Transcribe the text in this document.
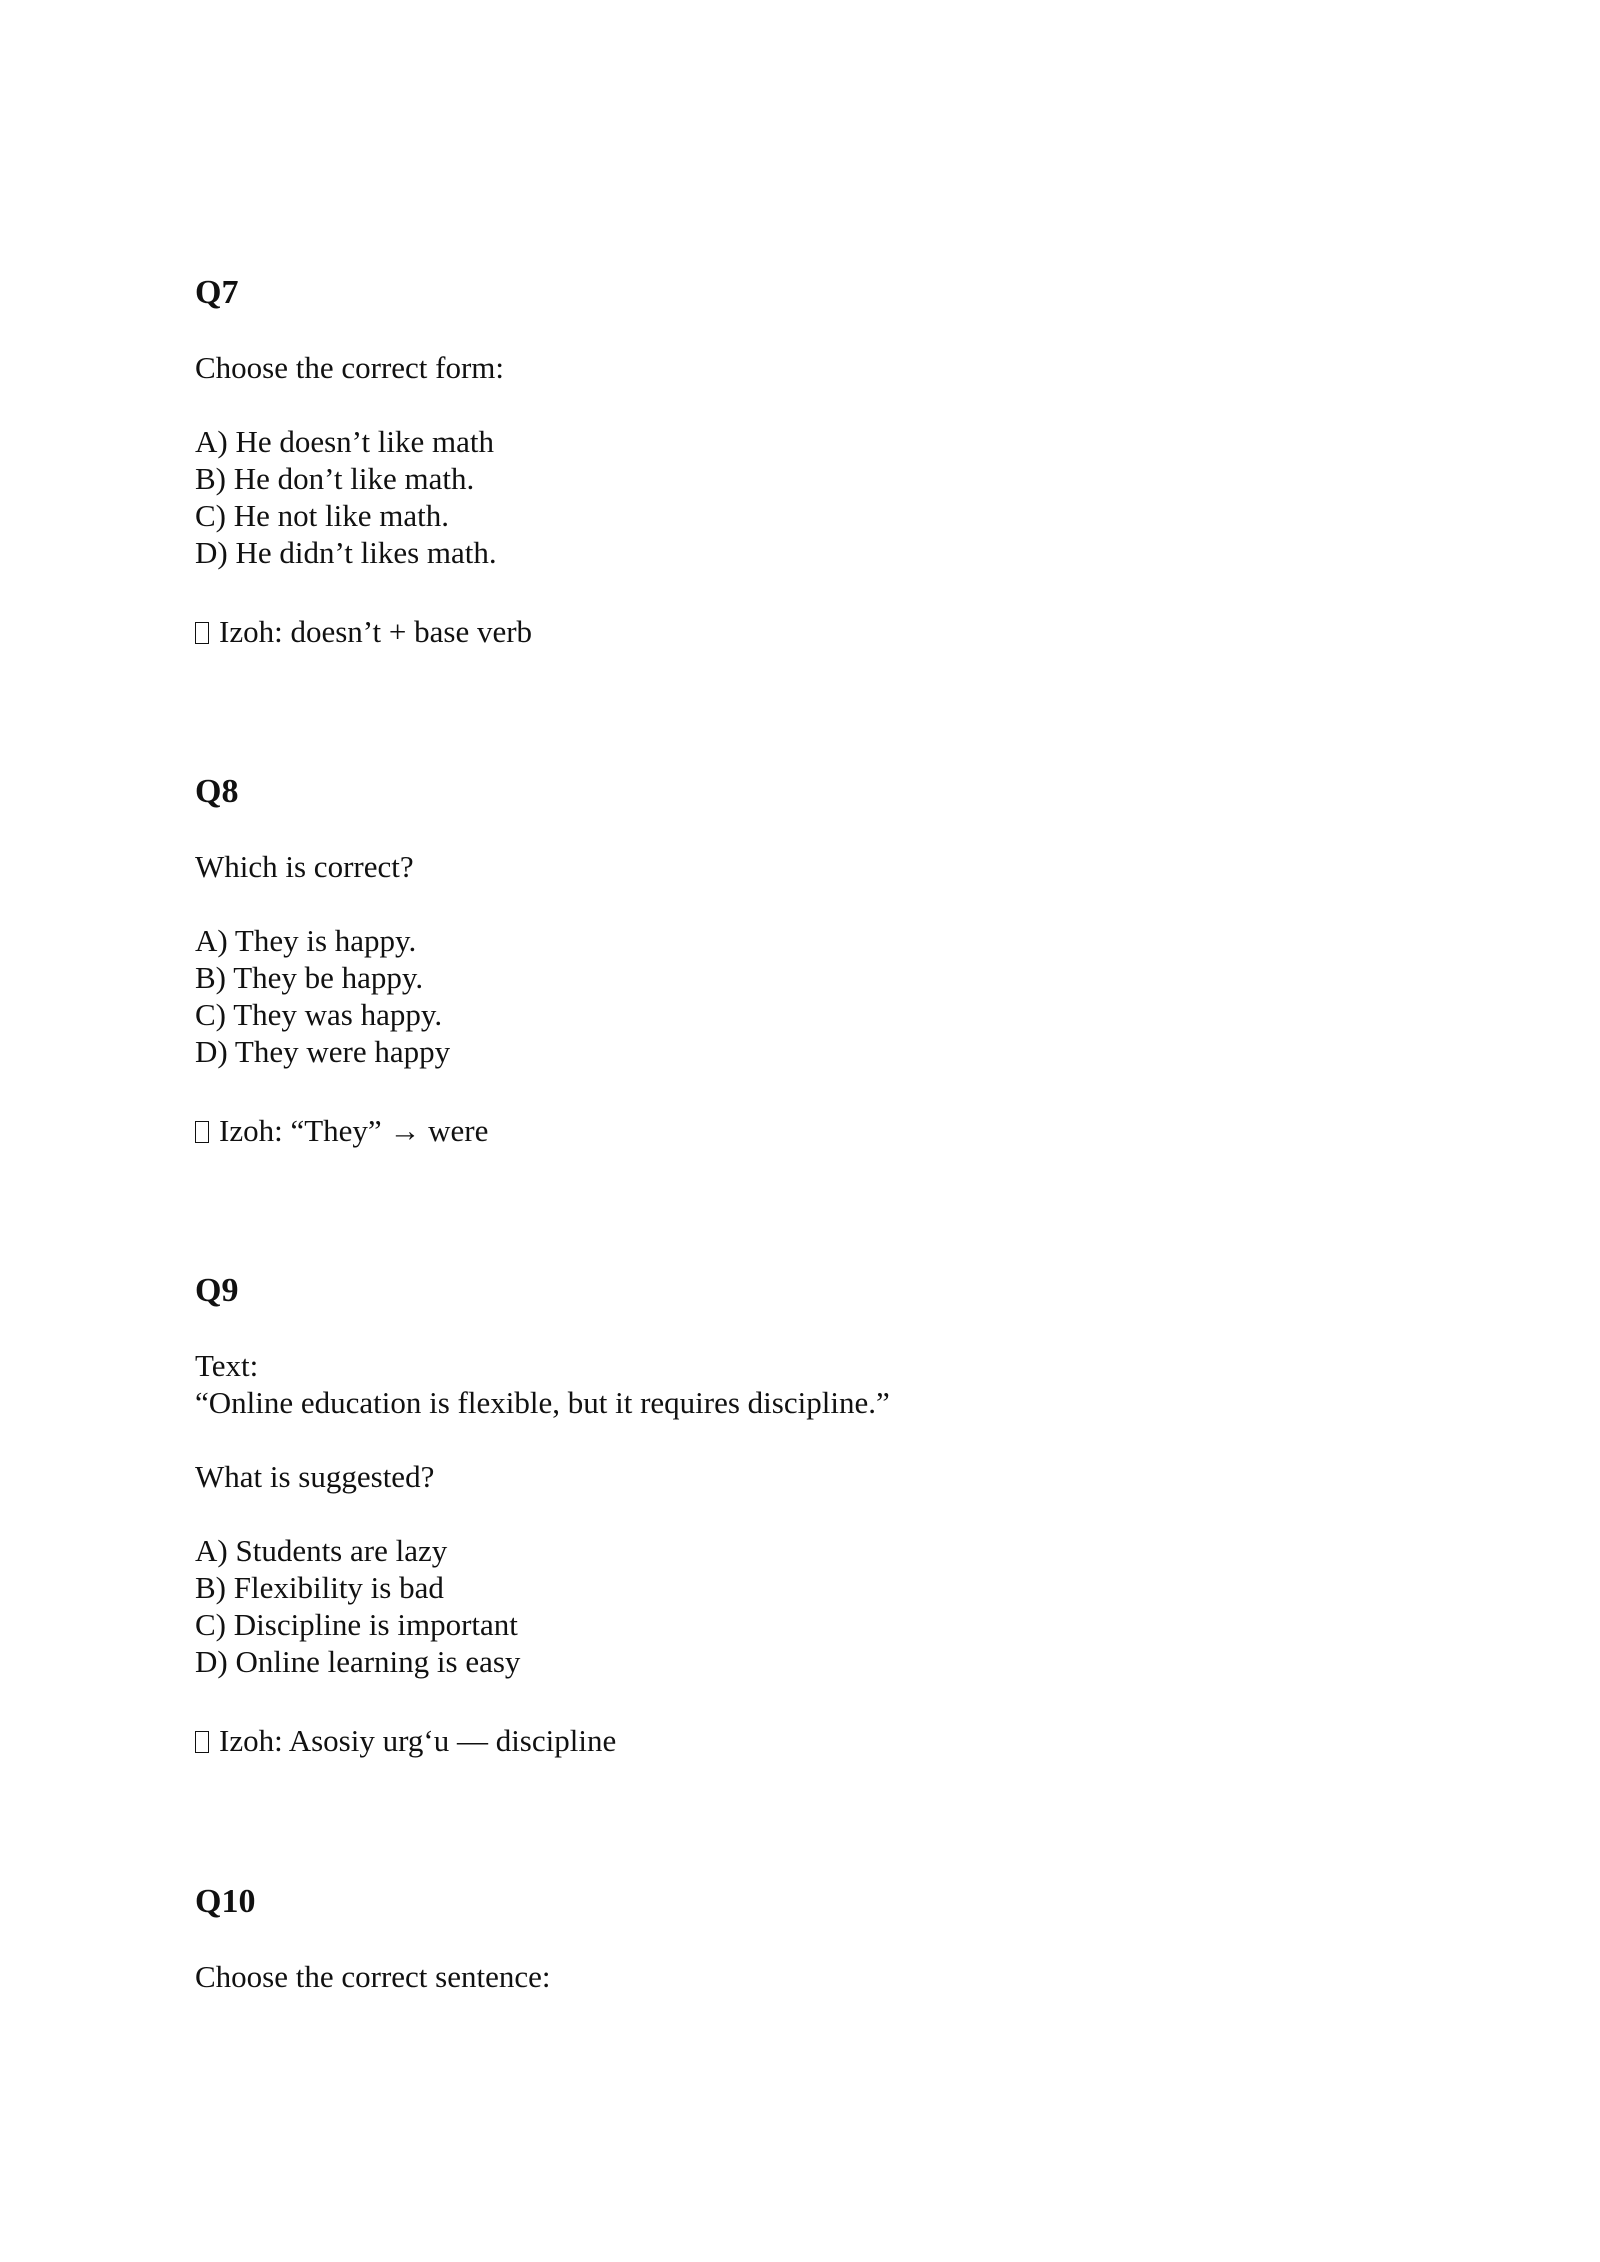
Q7

Choose the correct form:

A) He doesn’t like math

B) He don’t like math.

C) He not like math.

D) He didn’t likes math.

Izoh: doesn’t + base verb

Q8

Which is correct?

A) They is happy.

B) They be happy.

C) They was happy.

D) They were happy

Izoh: “They” → were

Q9

Text:

“Online education is flexible, but it requires discipline.”

What is suggested?

A) Students are lazy

B) Flexibility is bad

C) Discipline is important

D) Online learning is easy

Izoh: Asosiy urg‘u — discipline

Q10

Choose the correct sentence:
